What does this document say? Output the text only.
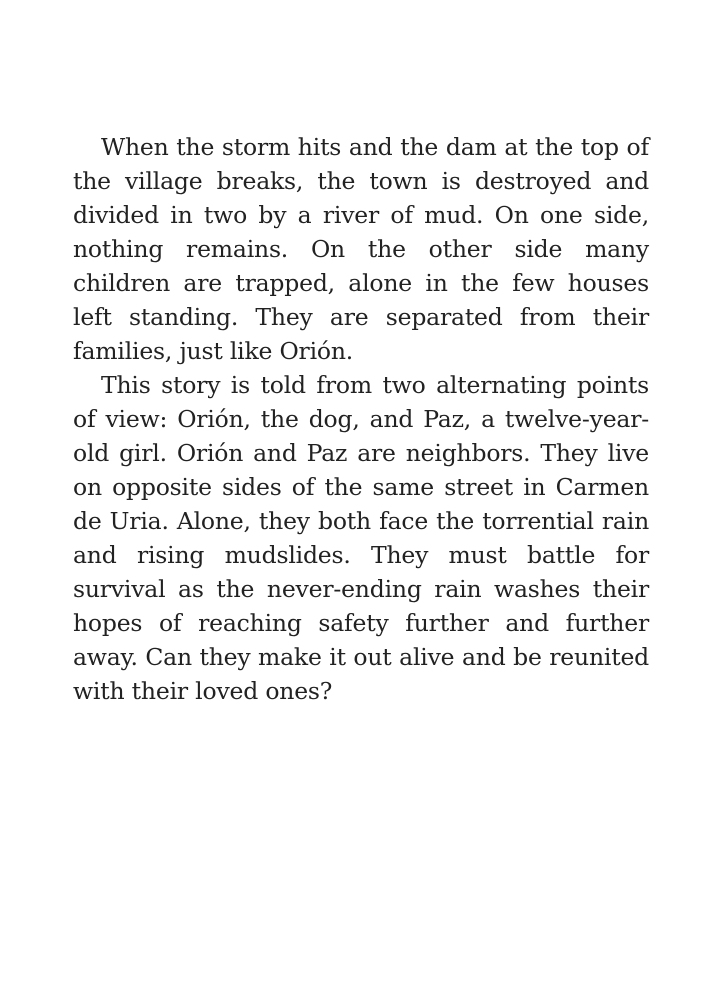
When the storm hits and the dam at the top of the village breaks, the town is destroyed and divided in two by a river of mud. On one side, nothing remains. On the other side many children are trapped, alone in the few houses left standing. They are separated from their families, just like Orión.

This story is told from two alternating points of view: Orión, the dog, and Paz, a twelve-year-old girl. Orión and Paz are neighbors. They live on opposite sides of the same street in Carmen de Uria. Alone, they both face the torrential rain and rising mudslides. They must battle for survival as the never-ending rain washes their hopes of reaching safety further and further away. Can they make it out alive and be reunited with their loved ones?
